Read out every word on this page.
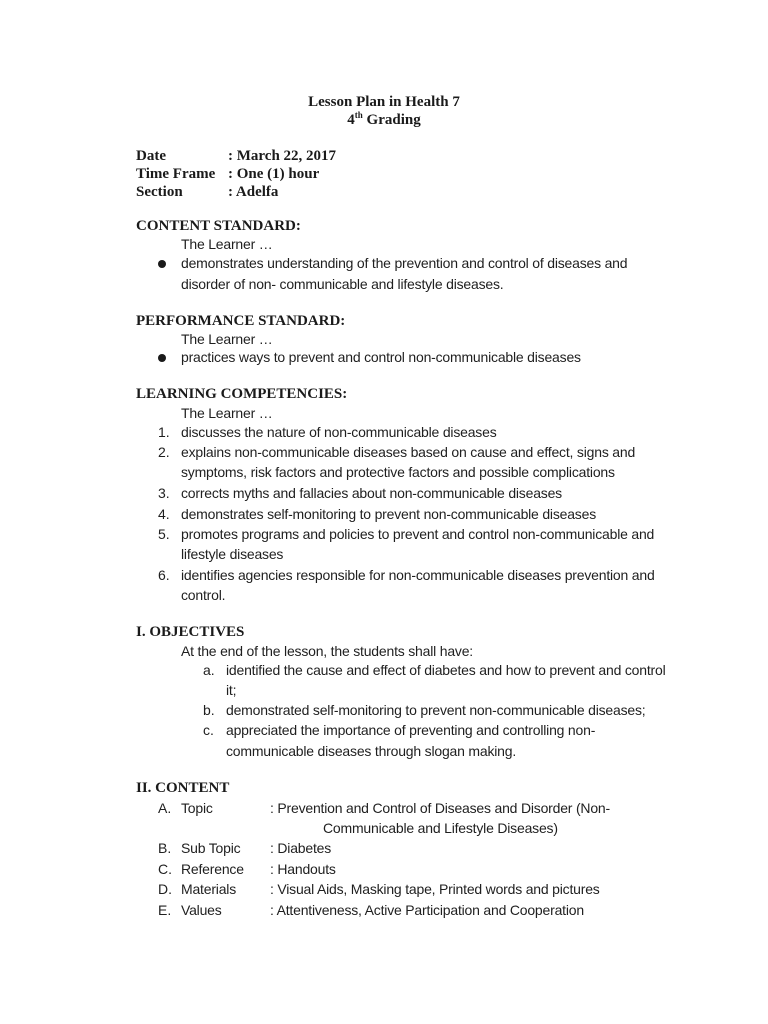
Lesson Plan in Health 7
4th Grading
Date	: March 22, 2017
Time Frame : One (1) hour
Section	: Adelfa
CONTENT STANDARD:
The Learner …
demonstrates understanding of the prevention and control of diseases and
disorder of non- communicable and lifestyle diseases.
PERFORMANCE STANDARD:
The Learner …
practices ways to prevent and control non-communicable diseases
LEARNING COMPETENCIES:
The Learner …
1. discusses the nature of non-communicable diseases
2. explains non-communicable diseases based on cause and effect, signs and
symptoms, risk factors and protective factors and possible complications
3. corrects myths and fallacies about non-communicable diseases
4. demonstrates self-monitoring to prevent non-communicable diseases
5. promotes programs and policies to prevent and control non-communicable and
lifestyle diseases
6. identifies agencies responsible for non-communicable diseases prevention and
control.
I. OBJECTIVES
At the end of the lesson, the students shall have:
a. identified the cause and effect of diabetes and how to prevent and control
it;
b. demonstrated self-monitoring to prevent non-communicable diseases;
c. appreciated the importance of preventing and controlling non-
communicable diseases through slogan making.
II. CONTENT
A. Topic	: Prevention and Control of Diseases and Disorder (Non-
Communicable and Lifestyle Diseases)
B. Sub Topic : Diabetes
C. Reference : Handouts
D. Materials : Visual Aids, Masking tape, Printed words and pictures
E. Values	: Attentiveness, Active Participation and Cooperation
